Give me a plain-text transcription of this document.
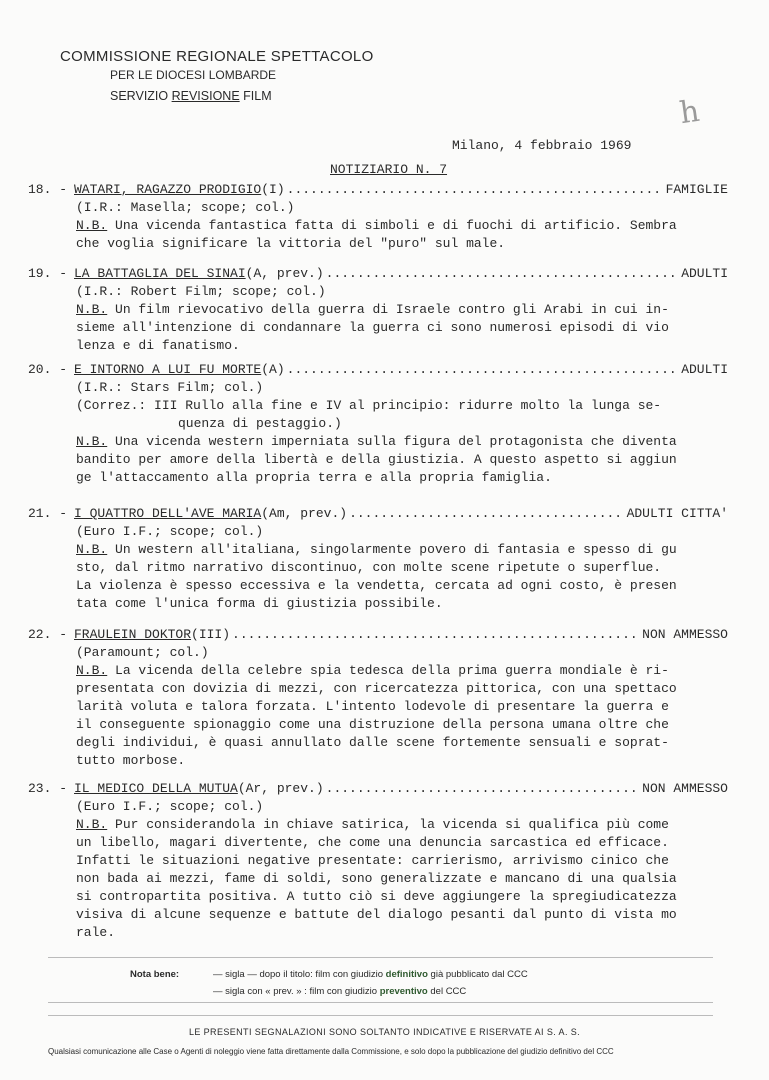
COMMISSIONE REGIONALE SPETTACOLO
PER LE DIOCESI LOMBARDE
SERVIZIO REVISIONE FILM	h
Milano, 4 febbraio 1969
NOTIZIARIO N. 7
18. - WATARI, RAGAZZO PRODIGIO (I) .....	FAMIGLIE
(I.R.: Masella; scope; col.)
N.B. Una vicenda fantastica fatta di simboli e di fuochi di artificio. Sembra
che voglia significare la vittoria del "puro" sul male.
19. - LA BATTAGLIA DEL SINAI (A, prev.) .....	ADULTI
(I.R.: Robert Film; scope; col.)
N.B. Un film rievocativo della guerra di Israele contro gli Arabi in cui in-
sieme all'intenzione di condannare la guerra ci sono numerosi episodi di vio
lenza e di fanatismo.
20. - E INTORNO A LUI FU MORTE (A) .....	ADULTI
(I.R.: Stars Film; col.)
(Correz.: III Rullo alla fine e IV al principio: ridurre molto la lunga se-
quenza di pestaggio.)
N.B. Una vicenda western imperniata sulla figura del protagonista che diventa
bandito per amore della libertà e della giustizia. A questo aspetto si aggiun
ge l'attaccamento alla propria terra e alla propria famiglia.
21. - I QUATTRO DELL'AVE MARIA (Am, prev.) .....	ADULTI CITTA'
(Euro I.F.; scope; col.)
N.B. Un western all'italiana, singolarmente povero di fantasia e spesso di gu
sto, dal ritmo narrativo discontinuo, con molte scene ripetute o superflue.
La violenza è spesso eccessiva e la vendetta, cercata ad ogni costo, è presen
tata come l'unica forma di giustizia possibile.
22. - FRAULEIN DOKTOR (III) .....	NON AMMESSO
(Paramount; col.)
N.B. La vicenda della celebre spia tedesca della prima guerra mondiale è ri-
presentata con dovizia di mezzi, con ricercatezza pittorica, con una spettaco
larità voluta e talora forzata. L'intento lodevole di presentare la guerra e
il conseguente spionaggio come una distruzione della persona umana oltre che
degli individui, è quasi annullato dalle scene fortemente sensuali e soprat-
tutto morbose.
23. - IL MEDICO DELLA MUTUA (Ar, prev.) .....	NON AMMESSO
(Euro I.F.; scope; col.)
N.B. Pur considerandola in chiave satirica, la vicenda si qualifica più come
un libello, magari divertente, che come una denuncia sarcastica ed efficace.
Infatti le situazioni negative presentate: carrierismo, arrivismo cinico che
non bada ai mezzi, fame di soldi, sono generalizzate e mancano di una qualsia
si contropartita positiva. A tutto ciò si deve aggiungere la spregiudicatezza
visiva di alcune sequenze e battute del dialogo pesanti dal punto di vista mo
rale.
Nota bene:	— sigla — dopo il titolo: film con giudizio definitivo già pubblicato dal CCC
— sigla con « prev. » : film con giudizio preventivo del CCC
LE PRESENTI SEGNALAZIONI SONO SOLTANTO INDICATIVE E RISERVATE AI S. A. S.
Qualsiasi comunicazione alle Case o Agenti di noleggio viene fatta direttamente dalla Commissione, e solo dopo la pubblicazione del giudizio definitivo del CCC
